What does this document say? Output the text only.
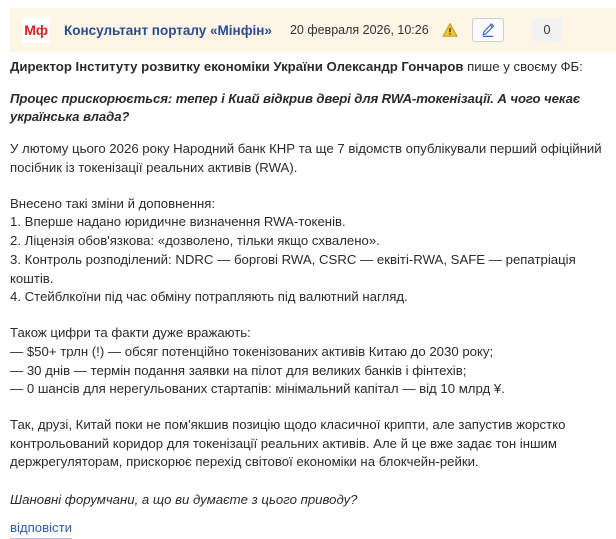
Мф Консультант порталу «Мінфін» 20 февраля 2026, 10:26	0

Директор Інституту розвитку економіки України Олександр Гончаров пише у своєму ФБ:

Процес прискорюється: тепер і Киай відкрив двері для RWA-токенізації. А чого чекає українська влада?

У лютому цього 2026 року Народний банк КНР та ще 7 відомств опублікували перший офіційний посібник із токенізації реальних активів (RWA).

Внесено такі зміни й доповнення:
1. Вперше надано юридичне визначення RWA-токенів.
2. Ліцензія обов'язкова: «дозволено, тільки якщо схвалено».
3. Контроль розподілений: NDRC — боргові RWA, CSRC — еквіті-RWA, SAFE — репатріація коштів.
4. Стейблкоїни під час обміну потрапляють під валютний нагляд.
Також цифри та факти дуже вражають:
— $50+ трлн (!) — обсяг потенційно токенізованих активів Китаю до 2030 року;
— 30 днів — термін подання заявки на пілот для великих банків і фінтехів;
— 0 шансів для нерегульованих стартапів: мінімальний капітал — від 10 млрд ¥.

Так, друзі, Китай поки не пом'якшив позицію щодо класичної крипти, але запустив жорстко контрольований коридор для токенізації реальних активів. Але й це вже задає тон іншим держрегуляторам, прискорює перехід світової економіки на блокчейн-рейки.

Шановні форумчани, а що ви думаєте з цього приводу?

відповісти
